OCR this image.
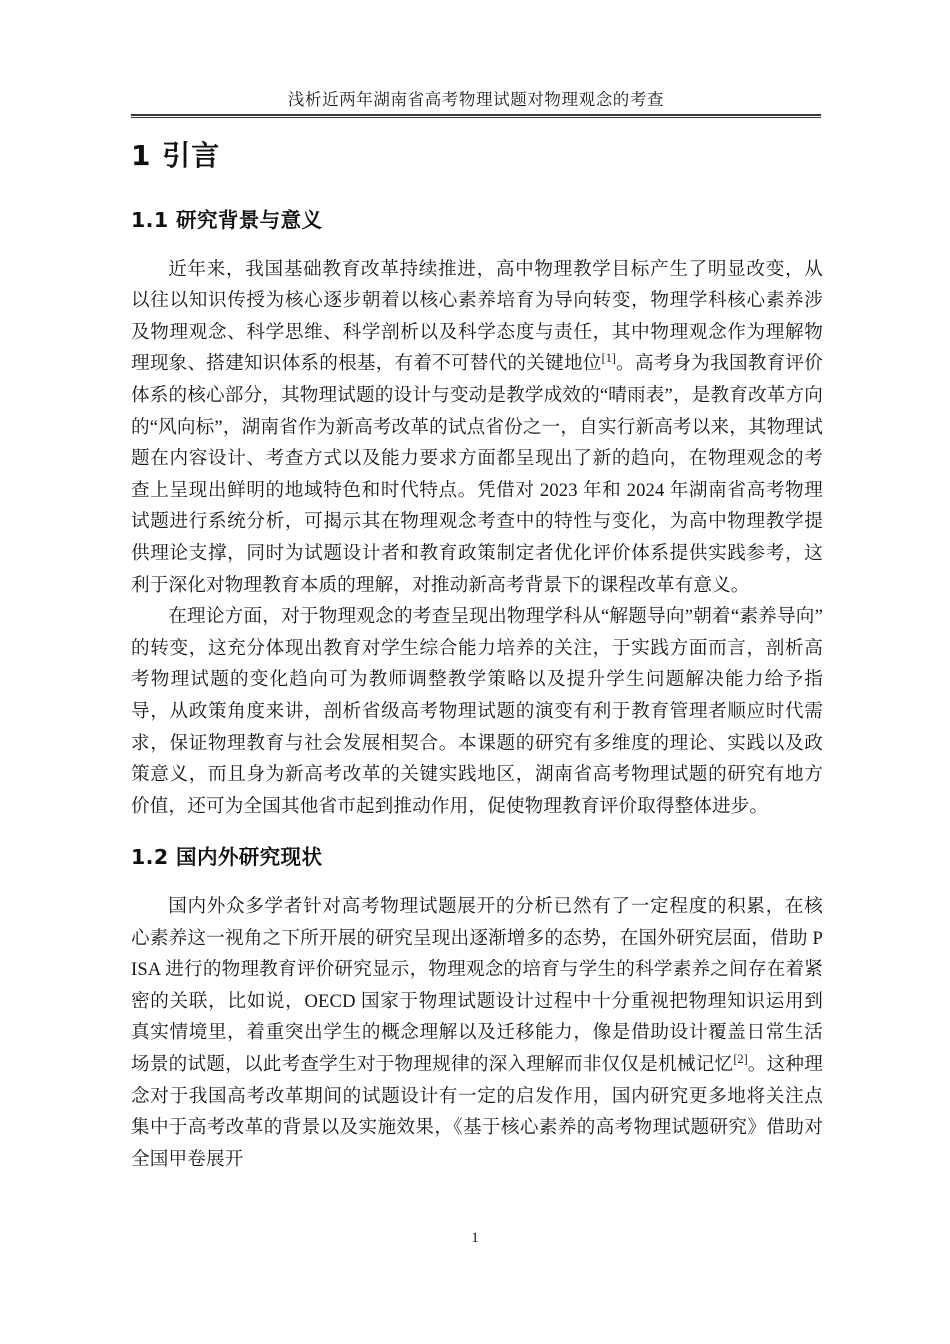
浅析近两年湖南省高考物理试题对物理观念的考查
1 引言
1.1 研究背景与意义

近年来，我国基础教育改革持续推进，高中物理教学目标产生了明显改变，从以往以知识传授为核心逐步朝着以核心素养培育为导向转变，物理学科核心素养涉及物理观念、科学思维、科学剖析以及科学态度与责任，其中物理观念作为理解物理现象、搭建知识体系的根基，有着不可替代的关键地位[1]。高考身为我国教育评价体系的核心部分，其物理试题的设计与变动是教学成效的“晴雨表”，是教育改革方向的“风向标”，湖南省作为新高考改革的试点省份之一，自实行新高考以来，其物理试题在内容设计、考查方式以及能力要求方面都呈现出了新的趋向，在物理观念的考查上呈现出鲜明的地域特色和时代特点。凭借对 2023 年和 2024 年湖南省高考物理试题进行系统分析，可揭示其在物理观念考查中的特性与变化，为高中物理教学提供理论支撑，同时为试题设计者和教育政策制定者优化评价体系提供实践参考，这利于深化对物理教育本质的理解，对推动新高考背景下的课程改革有意义。

在理论方面，对于物理观念的考查呈现出物理学科从“解题导向”朝着“素养导向”的转变，这充分体现出教育对学生综合能力培养的关注，于实践方面而言，剖析高考物理试题的变化趋向可为教师调整教学策略以及提升学生问题解决能力给予指导，从政策角度来讲，剖析省级高考物理试题的演变有利于教育管理者顺应时代需求，保证物理教育与社会发展相契合。本课题的研究有多维度的理论、实践以及政策意义，而且身为新高考改革的关键实践地区，湖南省高考物理试题的研究有地方价值，还可为全国其他省市起到推动作用，促使物理教育评价取得整体进步。

1.2 国内外研究现状

国内外众多学者针对高考物理试题展开的分析已然有了一定程度的积累，在核心素养这一视角之下所开展的研究呈现出逐渐增多的态势，在国外研究层面，借助 PISA 进行的物理教育评价研究显示，物理观念的培育与学生的科学素养之间存在着紧密的关联，比如说，OECD 国家于物理试题设计过程中十分重视把物理知识运用到真实情境里，着重突出学生的概念理解以及迁移能力，像是借助设计覆盖日常生活场景的试题，以此考查学生对于物理规律的深入理解而非仅仅是机械记忆[2]。这种理念对于我国高考改革期间的试题设计有一定的启发作用，国内研究更多地将关注点集中于高考改革的背景以及实施效果，《基于核心素养的高考物理试题研究》借助对全国甲卷展开

1
